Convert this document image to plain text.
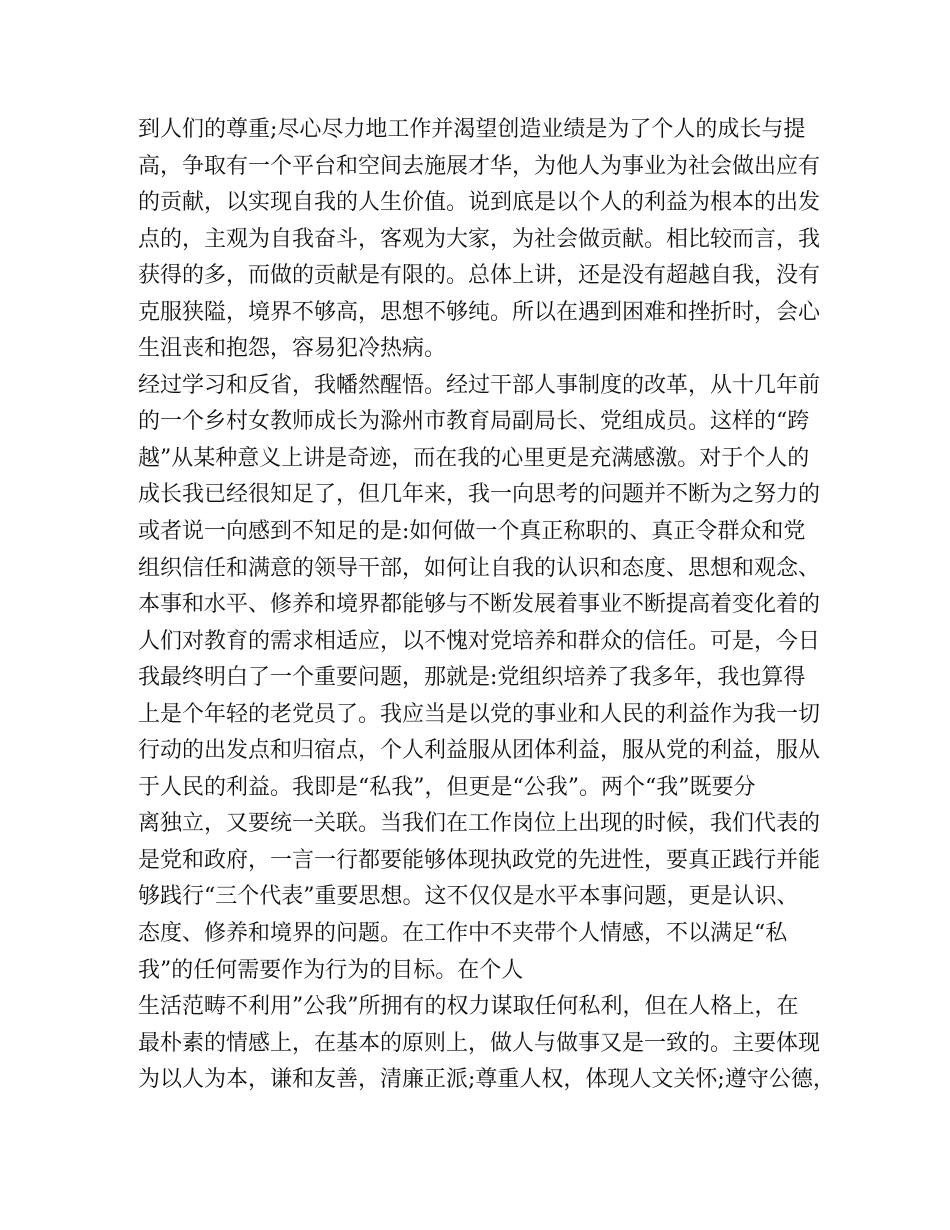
到人们的尊重;尽心尽力地工作并渴望创造业绩是为了个人的成长与提
高，争取有一个平台和空间去施展才华，为他人为事业为社会做出应有
的贡献，以实现自我的人生价值。说到底是以个人的利益为根本的出发
点的，主观为自我奋斗，客观为大家，为社会做贡献。相比较而言，我
获得的多，而做的贡献是有限的。总体上讲，还是没有超越自我，没有
克服狭隘，境界不够高，思想不够纯。所以在遇到困难和挫折时，会心
生沮丧和抱怨，容易犯冷热病。
经过学习和反省，我幡然醒悟。经过干部人事制度的改革，从十几年前
的一个乡村女教师成长为滁州市教育局副局长、党组成员。这样的“跨
越”从某种意义上讲是奇迹，而在我的心里更是充满感激。对于个人的
成长我已经很知足了，但几年来，我一向思考的问题并不断为之努力的
或者说一向感到不知足的是:如何做一个真正称职的、真正令群众和党
组织信任和满意的领导干部，如何让自我的认识和态度、思想和观念、
本事和水平、修养和境界都能够与不断发展着事业不断提高着变化着的
人们对教育的需求相适应，以不愧对党培养和群众的信任。可是，今日
我最终明白了一个重要问题，那就是:党组织培养了我多年，我也算得
上是个年轻的老党员了。我应当是以党的事业和人民的利益作为我一切
行动的出发点和归宿点，个人利益服从团体利益，服从党的利益，服从
于人民的利益。我即是“私我”，但更是“公我”。两个“我”既要分
离独立，又要统一关联。当我们在工作岗位上出现的时候，我们代表的
是党和政府，一言一行都要能够体现执政党的先进性，要真正践行并能
够践行“三个代表”重要思想。这不仅仅是水平本事问题，更是认识、
态度、修养和境界的问题。在工作中不夹带个人情感，不以满足“私
我”的任何需要作为行为的目标。在个人
生活范畴不利用”公我”所拥有的权力谋取任何私利，但在人格上，在
最朴素的情感上，在基本的原则上，做人与做事又是一致的。主要体现
为以人为本，谦和友善，清廉正派;尊重人权，体现人文关怀;遵守公德，
